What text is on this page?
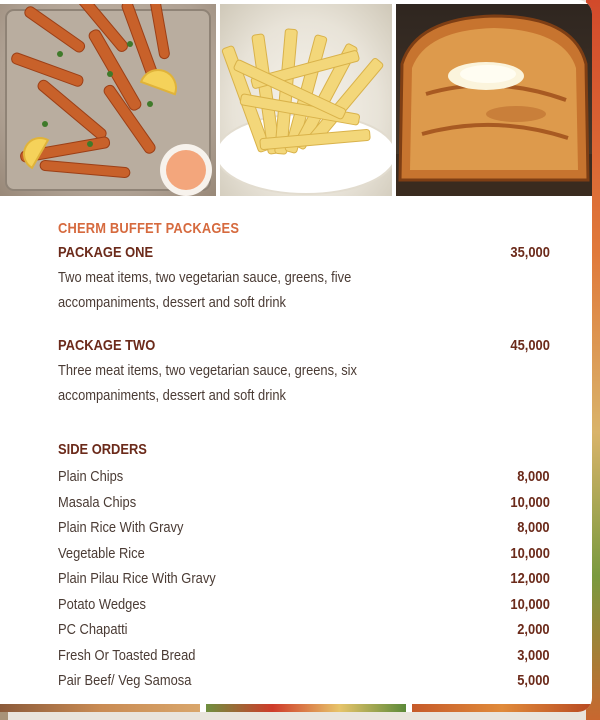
CHERM BUFFET PACKAGES
PACKAGE ONE	35,000
Two meat items, two vegetarian sauce, greens, five
accompaniments, dessert and soft drink
PACKAGE TWO	45,000
Three meat items, two vegetarian sauce, greens, six
accompaniments, dessert and soft drink
SIDE ORDERS
Plain Chips	8,000
Masala Chips	10,000
Plain Rice With Gravy	8,000
Vegetable Rice	10,000
Plain Pilau Rice With Gravy	12,000
Potato Wedges	10,000
PC Chapatti	2,000
Fresh Or Toasted Bread	3,000
Pair Beef/ Veg Samosa	5,000
